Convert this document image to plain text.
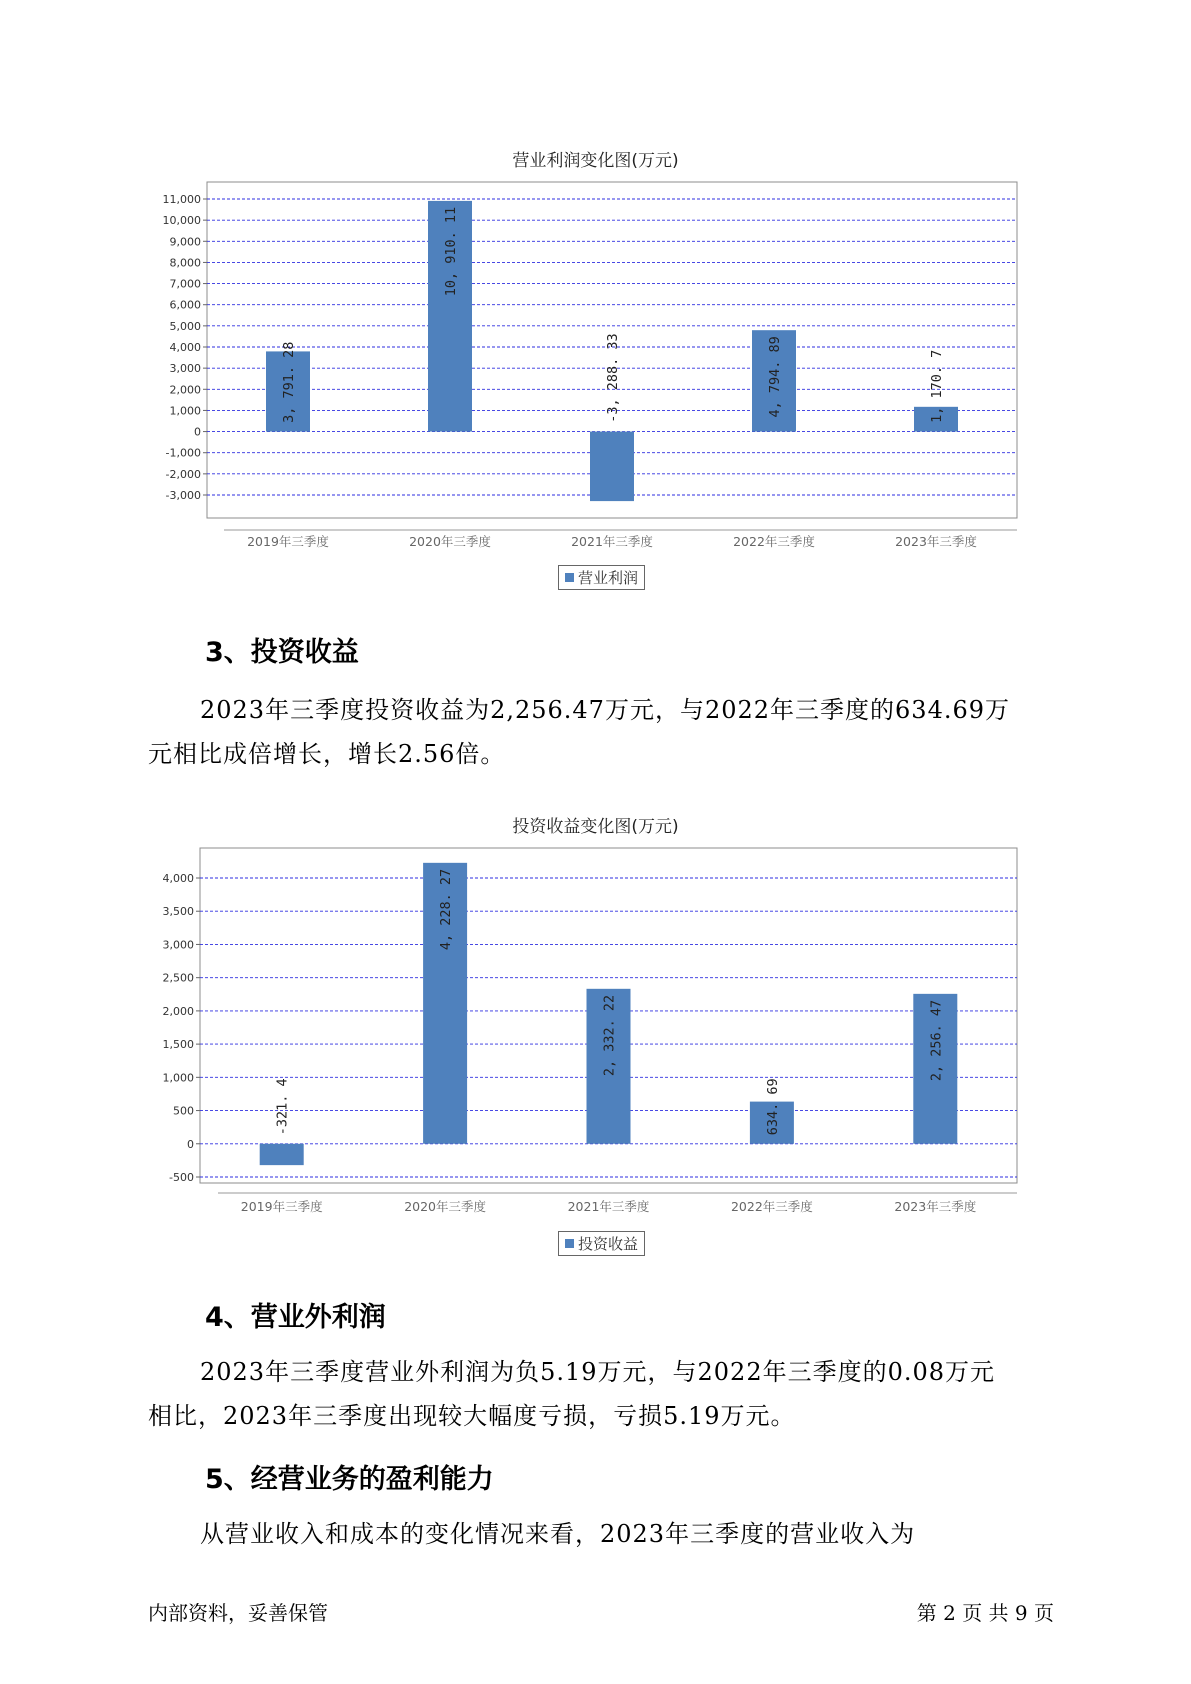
营业利润变化图(万元)
11,000
10,000
9,000
8,000
7,000
6,000
5,000
4,000
3,000
2,000
1,000
0
-1,000
-2,000
-3,000
2019年三季度
3, 791. 28
2020年三季度
10, 910. 11
2021年三季度
-3, 288. 33
2022年三季度
4, 794. 89
2023年三季度
1, 170. 7
营业利润
3、投资收益
2023年三季度投资收益为2,256.47万元，与2022年三季度的634.69万
元相比成倍增长，增长2.56倍。
投资收益变化图(万元)
4,000
3,500
3,000
2,500
2,000
1,500
1,000
500
0
-500
2019年三季度
-321. 4
2020年三季度
4, 228. 27
2021年三季度
2, 332. 22
2022年三季度
634. 69
2023年三季度
2, 256. 47
投资收益
4、营业外利润
2023年三季度营业外利润为负5.19万元，与2022年三季度的0.08万元
相比，2023年三季度出现较大幅度亏损，亏损5.19万元。
5、经营业务的盈利能力
从营业收入和成本的变化情况来看，2023年三季度的营业收入为
内部资料，妥善保管	第 2 页 共 9 页
